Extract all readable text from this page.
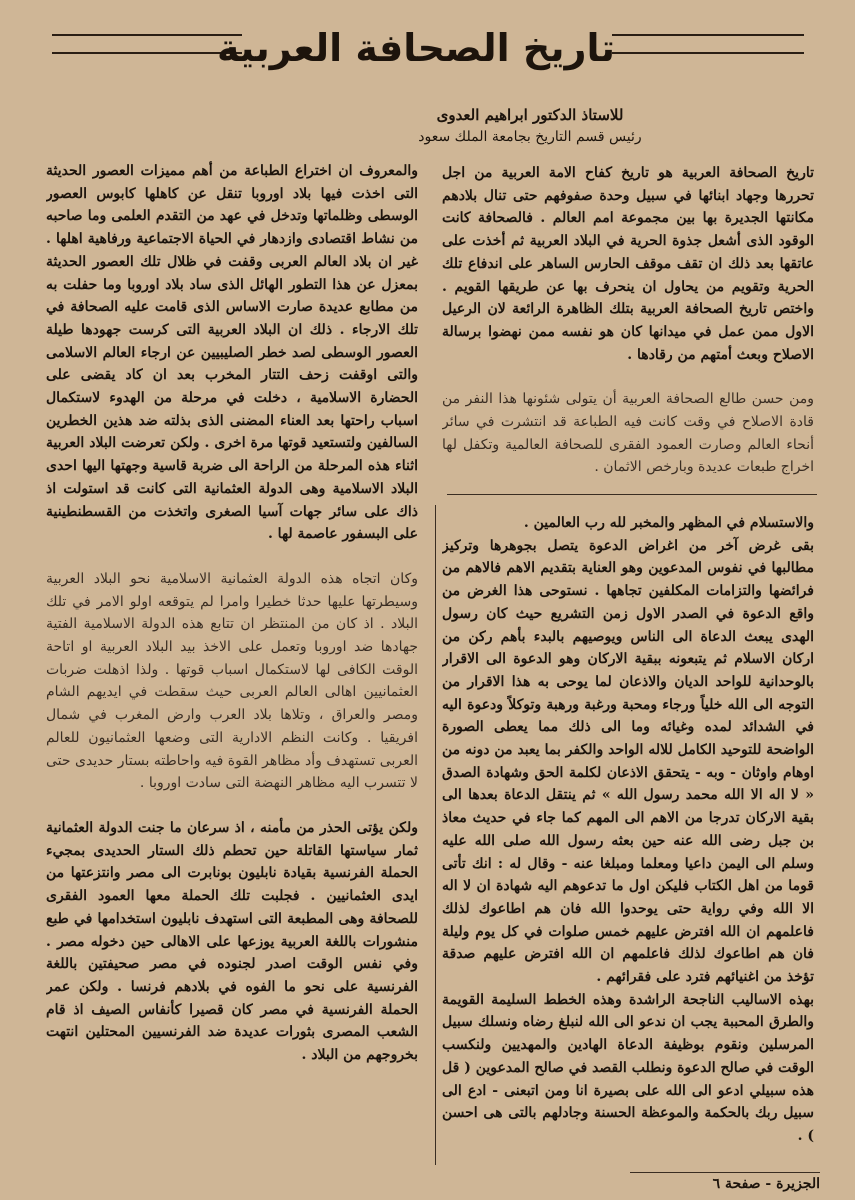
تاريخ الصحافة العربية
للاستاذ الدكتور ابراهيم العدوى
رئيس قسم التاريخ بجامعة الملك سعود

تاريخ الصحافة العربية هو تاريخ كفاح الامة العربية من اجل تحررها وجهاد ابنائها في سبيل وحدة صفوفهم حتى تنال بلادهم مكانتها الجديرة بها بين مجموعة امم العالم . فالصحافة كانت الوقود الذى أشعل جذوة الحرية في البلاد العربية ثم أخذت على عاتقها بعد ذلك ان تقف موقف الحارس الساهر على اندفاع تلك الحرية وتقويم من يحاول ان ينحرف بها عن طريقها القويم . واختص تاريخ الصحافة العربية بتلك الظاهرة الرائعة لان الرعيل الاول ممن عمل في ميدانها كان هو نفسه ممن نهضوا برسالة الاصلاح وبعث أمتهم من رقادها .

ومن حسن طالع الصحافة العربية أن يتولى شئونها هذا النفر من قادة الاصلاح في وقت كانت فيه الطباعة قد انتشرت في سائر أنحاء العالم وصارت العمود الفقرى للصحافة العالمية وتكفل لها اخراج طبعات عديدة وبارخص الاثمان .

والاستسلام في المظهر والمخبر لله رب العالمين .

بقى غرض آخر من اغراض الدعوة يتصل بجوهرها وتركيز مطالبها في نفوس المدعوين وهو العناية بتقديم الاهم فالاهم من فرائضها والتزامات المكلفين تجاهها . نستوحى هذا الغرض من واقع الدعوة في الصدر الاول زمن التشريع حيث كان رسول الهدى يبعث الدعاة الى الناس ويوصيهم بالبدء بأهم ركن من اركان الاسلام ثم يتبعونه ببقية الاركان وهو الدعوة الى الاقرار بالوحدانية للواحد الديان والاذعان لما يوحى به هذا الاقرار من التوجه الى الله خلياً ورجاء ومحبة ورغبة ورهبة وتوكلاً ودعوة اليه في الشدائد لمده وغيائه وما الى ذلك مما يعطى الصورة الواضحة للتوحيد الكامل للاله الواحد والكفر بما يعبد من دونه من اوهام واوثان - وبه - يتحقق الاذعان لكلمة الحق وشهادة الصدق « لا اله الا الله محمد رسول الله » ثم ينتقل الدعاة بعدها الى بقية الاركان تدرجا من الاهم الى المهم كما جاء في حديث معاذ بن جبل رضى الله عنه حين بعثه رسول الله صلى الله عليه وسلم الى اليمن داعيا ومعلما ومبلغا عنه - وقال له : انك تأتى قوما من اهل الكتاب فليكن اول ما تدعوهم اليه شهادة ان لا اله الا الله وفي رواية حتى يوحدوا الله فان هم اطاعوك لذلك فاعلمهم ان الله افترض عليهم خمس صلوات في كل يوم وليلة فان هم اطاعوك لذلك فاعلمهم ان الله افترض عليهم صدقة تؤخذ من اغنيائهم فترد على فقرائهم .

بهذه الاساليب الناجحة الراشدة وهذه الخطط السليمة القويمة والطرق المحببة يجب ان ندعو الى الله لنبلغ رضاه ونسلك سبيل المرسلين ونقوم بوظيفة الدعاة الهادين والمهديين ولنكسب الوقت في صالح الدعوة ونطلب القصد في صالح المدعوين ( قل هذه سبيلي ادعو الى الله على بصيرة انا ومن اتبعنى - ادع الى سبيل ربك بالحكمة والموعظة الحسنة وجادلهم بالتى هى احسن ) .

والمعروف ان اختراع الطباعة من أهم مميزات العصور الحديثة التى اخذت فيها بلاد اوروبا تنقل عن كاهلها كابوس العصور الوسطى وظلماتها وتدخل في عهد من التقدم العلمى وما صاحبه من نشاط اقتصادى وازدهار في الحياة الاجتماعية ورفاهية اهلها . غير ان بلاد العالم العربى وقفت في ظلال تلك العصور الحديثة بمعزل عن هذا التطور الهائل الذى ساد بلاد اوروبا وما حفلت به من مطابع عديدة صارت الاساس الذى قامت عليه الصحافة في تلك الارجاء . ذلك ان البلاد العربية التى كرست جهودها طيلة العصور الوسطى لصد خطر الصليبيين عن ارجاء العالم الاسلامى والتى اوقفت زحف التتار المخرب بعد ان كاد يقضى على الحضارة الاسلامية ، دخلت في مرحلة من الهدوء لاستكمال اسباب راحتها بعد العناء المضنى الذى بذلته ضد هذين الخطرين السالفين ولتستعيد قوتها مرة اخرى . ولكن تعرضت البلاد العربية اثناء هذه المرحلة من الراحة الى ضربة قاسية وجهتها اليها احدى البلاد الاسلامية وهى الدولة العثمانية التى كانت قد استولت اذ ذاك على سائر جهات آسيا الصغرى واتخذت من القسطنطينية على البسفور عاصمة لها .

وكان اتجاه هذه الدولة العثمانية الاسلامية نحو البلاد العربية وسيطرتها عليها حدثا خطيرا وامرا لم يتوقعه اولو الامر في تلك البلاد . اذ كان من المنتظر ان تتابع هذه الدولة الاسلامية الفتية جهادها ضد اوروبا وتعمل على الاخذ بيد البلاد العربية او اتاحة الوقت الكافى لها لاستكمال اسباب قوتها . ولذا اذهلت ضربات العثمانيين اهالى العالم العربى حيث سقطت في ايديهم الشام ومصر والعراق ، وتلاها بلاد العرب وارض المغرب في شمال افريقيا . وكانت النظم الادارية التى وضعها العثمانيون للعالم العربى تستهدف وأد مظاهر القوة فيه واحاطته بستار حديدى حتى لا تتسرب اليه مظاهر النهضة التى سادت اوروبا .

ولكن يؤتى الحذر من مأمنه ، اذ سرعان ما جنت الدولة العثمانية ثمار سياستها القاتلة حين تحطم ذلك الستار الحديدى بمجيء الحملة الفرنسية بقيادة نابليون بونابرت الى مصر وانتزعتها من ايدى العثمانيين . فجلبت تلك الحملة معها العمود الفقرى للصحافة وهى المطبعة التى استهدف نابليون استخدامها في طبع منشورات باللغة العربية يوزعها على الاهالى حين دخوله مصر . وفي نفس الوقت اصدر لجنوده في مصر صحيفتين باللغة الفرنسية على نحو ما الفوه في بلادهم فرنسا . ولكن عمر الحملة الفرنسية في مصر كان قصيرا كأنفاس الصيف اذ قام الشعب المصرى بثورات عديدة ضد الفرنسيين المحتلين انتهت بخروجهم من البلاد .

الجزيرة - صفحة ٦
